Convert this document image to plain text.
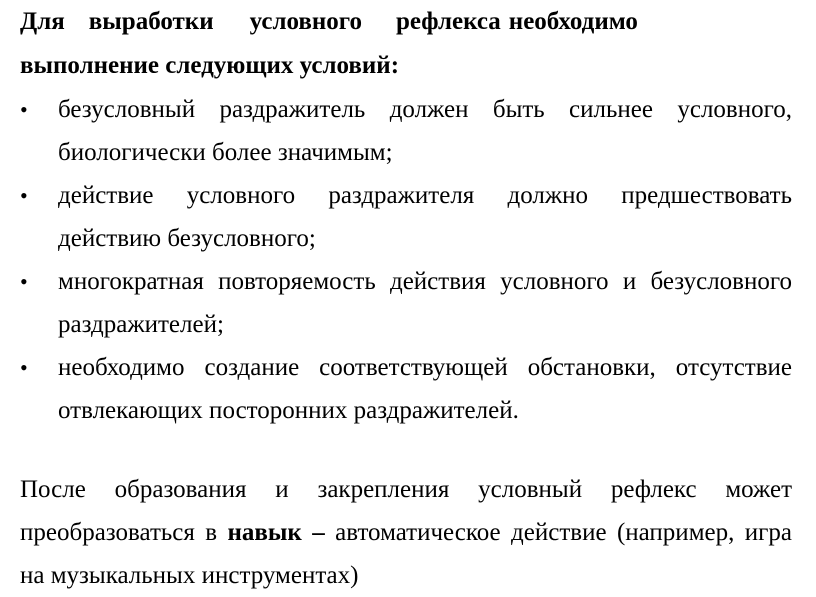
Для выработки условного рефлекса необходимо
выполнение следующих условий:

• безусловный раздражитель должен быть сильнее условного, биологически более значимым;
• действие условного раздражителя должно предшествовать действию безусловного;
• многократная повторяемость действия условного и безусловного раздражителей;
• необходимо создание соответствующей обстановки, отсутствие отвлекающих посторонних раздражителей.

После образования и закрепления условный рефлекс может преобразоваться в навык – автоматическое действие (например, игра на музыкальных инструментах)
